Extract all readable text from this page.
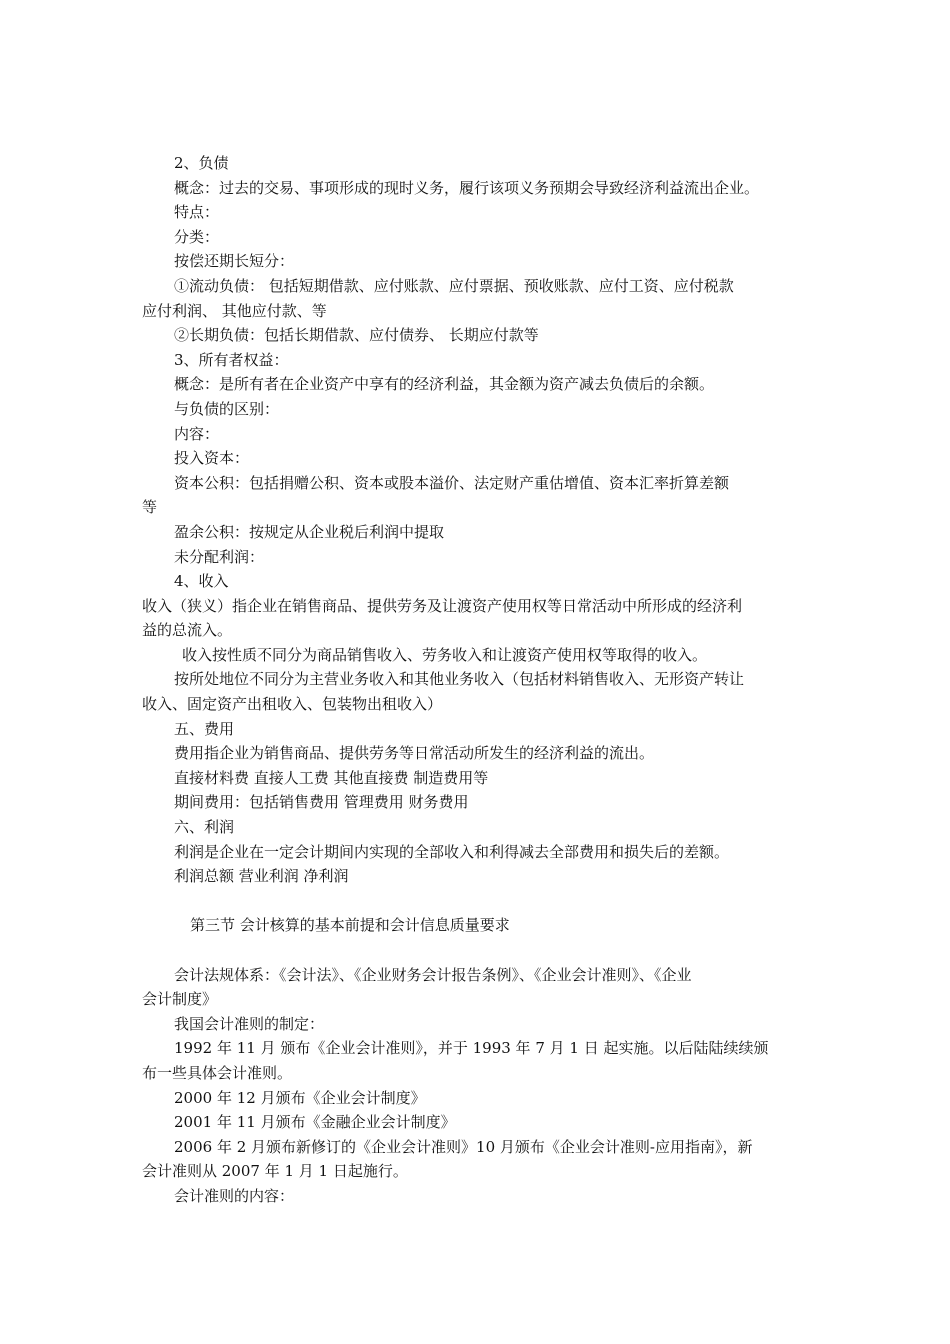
2、负债
概念：过去的交易、事项形成的现时义务，履行该项义务预期会导致经济利益流出企业。
特点：
分类：
按偿还期长短分：
①流动负债： 包括短期借款、应付账款、应付票据、预收账款、应付工资、应付税款
应付利润、 其他应付款、等
②长期负债：包括长期借款、应付债券、 长期应付款等
3、所有者权益：
概念：是所有者在企业资产中享有的经济利益，其金额为资产减去负债后的余额。
与负债的区别：
内容：
投入资本：
资本公积：包括捐赠公积、资本或股本溢价、法定财产重估增值、资本汇率折算差额
等
盈余公积：按规定从企业税后利润中提取
未分配利润：
4、收入
收入（狭义）指企业在销售商品、提供劳务及让渡资产使用权等日常活动中所形成的经济利
益的总流入。
收入按性质不同分为商品销售收入、劳务收入和让渡资产使用权等取得的收入。
按所处地位不同分为主营业务收入和其他业务收入（包括材料销售收入、无形资产转让
收入、固定资产出租收入、包装物出租收入）
五、费用
费用指企业为销售商品、提供劳务等日常活动所发生的经济利益的流出。
直接材料费 直接人工费 其他直接费 制造费用等
期间费用：包括销售费用 管理费用 财务费用
六、利润
利润是企业在一定会计期间内实现的全部收入和利得减去全部费用和损失后的差额。
利润总额 营业利润 净利润
第三节 会计核算的基本前提和会计信息质量要求
会计法规体系：《会计法》、《企业财务会计报告条例》、《企业会计准则》、《企业
会计制度》
我国会计准则的制定：
1992 年 11 月 颁布《企业会计准则》，并于 1993 年 7 月 1 日 起实施。以后陆陆续续颁
布一些具体会计准则。
2000 年 12 月颁布《企业会计制度》
2001 年 11 月颁布《金融企业会计制度》
2006 年 2 月颁布新修订的《企业会计准则》10 月颁布《企业会计准则-应用指南》，新
会计准则从 2007 年 1 月 1 日起施行。
会计准则的内容：
